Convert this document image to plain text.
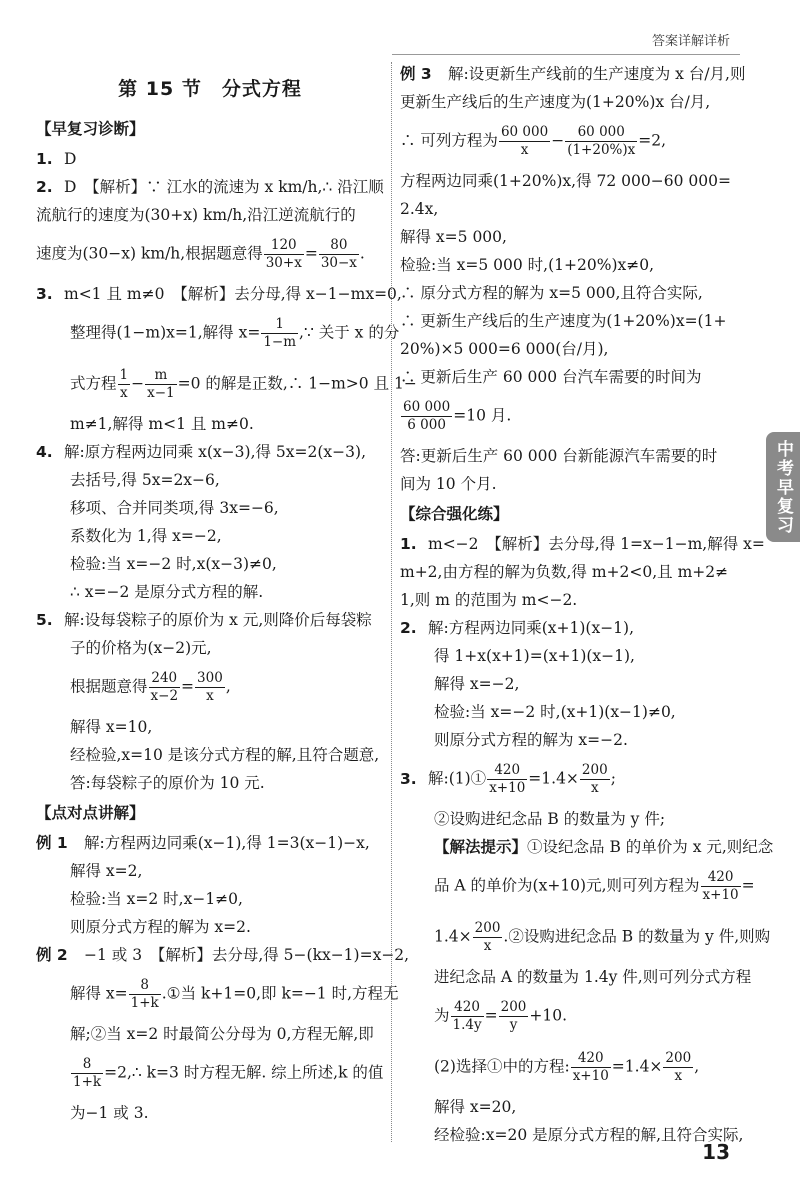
答案详解详析
第 15 节　分式方程
【早复习诊断】
1. D
2. D　【解析】∵ 江水的流速为 x km/h,∴ 沿江顺
流航行的速度为(30+x) km/h,沿江逆流航行的
速度为(30−x) km/h,根据题意得 $\frac{120}{30+x} = \frac{80}{30-x}$ .
3. m<1 且 m≠0　【解析】去分母,得 x−1−mx=0,
整理得(1−m)x=1,解得 $x= \frac{1}{1-m}$ ,∵ 关于 x 的分
式方程 $\frac{1}{x} - \frac{m}{x-1} =0$ 的解是正数,∴ 1−m>0 且 1−
m≠1,解得 m<1 且 m≠0.
4. 解:原方程两边同乘 x(x−3),得 5x=2(x−3),
去括号,得 5x=2x−6,
移项、合并同类项,得 3x=−6,
系数化为 1,得 x=−2,
检验:当 x=−2 时,x(x−3)≠0,
∴ x=−2 是原分式方程的解.
5. 解:设每袋粽子的原价为 x 元,则降价后每袋粽
子的价格为(x−2)元,
根据题意得 $\frac{240}{x-2} = \frac{300}{x}$ ,
解得 x=10,
经检验,x=10 是该分式方程的解,且符合题意,
答:每袋粽子的原价为 10 元.
【点对点讲解】
例 1 解:方程两边同乘(x−1),得 1=3(x−1)−x,
解得 x=2,
检验:当 x=2 时,x−1≠0,
则原分式方程的解为 x=2.
例 2 −1 或 3　【解析】去分母,得 5−(kx−1)=x−2,
解得 $x= \frac{8}{1+k}$ .①当 k+1=0,即 k=−1 时,方程无
解;②当 x=2 时最简公分母为 0,方程无解,即
$\frac{8}{1+k}$ =2,∴ k=3 时方程无解. 综上所述,k 的值
为−1 或 3.
例 3 解:设更新生产线前的生产速度为 x 台/月,则
更新生产线后的生产速度为(1+20%)x 台/月,
∴ 可列方程为 $\frac{60 000}{x} - \frac{60 000}{(1+20\%)x} =2$,
方程两边同乘(1+20%)x,得 72 000−60 000=
2.4x,
解得 x=5 000,
检验:当 x=5 000 时,(1+20%)x≠0,
∴ 原分式方程的解为 x=5 000,且符合实际,
∴ 更新生产线后的生产速度为(1+20%)x=(1+
20%)×5 000=6 000(台/月),
∴ 更新后生产 60 000 台汽车需要的时间为
$\frac{60 000}{6 000} =10$ 月.
答:更新后生产 60 000 台新能源汽车需要的时
间为 10 个月.
【综合强化练】
1. m<−2　【解析】去分母,得 1=x−1−m,解得 x=
m+2,由方程的解为负数,得 m+2<0,且 m+2≠
1,则 m 的范围为 m<−2.
2. 解:方程两边同乘(x+1)(x−1),
得 1+x(x+1)=(x+1)(x−1),
解得 x=−2,
检验:当 x=−2 时,(x+1)(x−1)≠0,
则原分式方程的解为 x=−2.
3. 解:(1)① $\frac{420}{x+10} =1.4\times \frac{200}{x}$ ;
②设购进纪念品 B 的数量为 y 件;
【解法提示】①设纪念品 B 的单价为 x 元,则纪念
品 A 的单价为(x+10)元,则可列方程为 $\frac{420}{x+10}$ =
$1.4\times \frac{200}{x}$ .②设购进纪念品 B 的数量为 y 件,则购
进纪念品 A 的数量为 1.4y 件,则可列分式方程
为 $\frac{420}{1.4y} = \frac{200}{y} +10$.
(2)选择①中的方程: $\frac{420}{x+10} =1.4\times \frac{200}{x}$ ,
解得 x=20,
经检验:x=20 是原分式方程的解,且符合实际,
中考早复习
13
